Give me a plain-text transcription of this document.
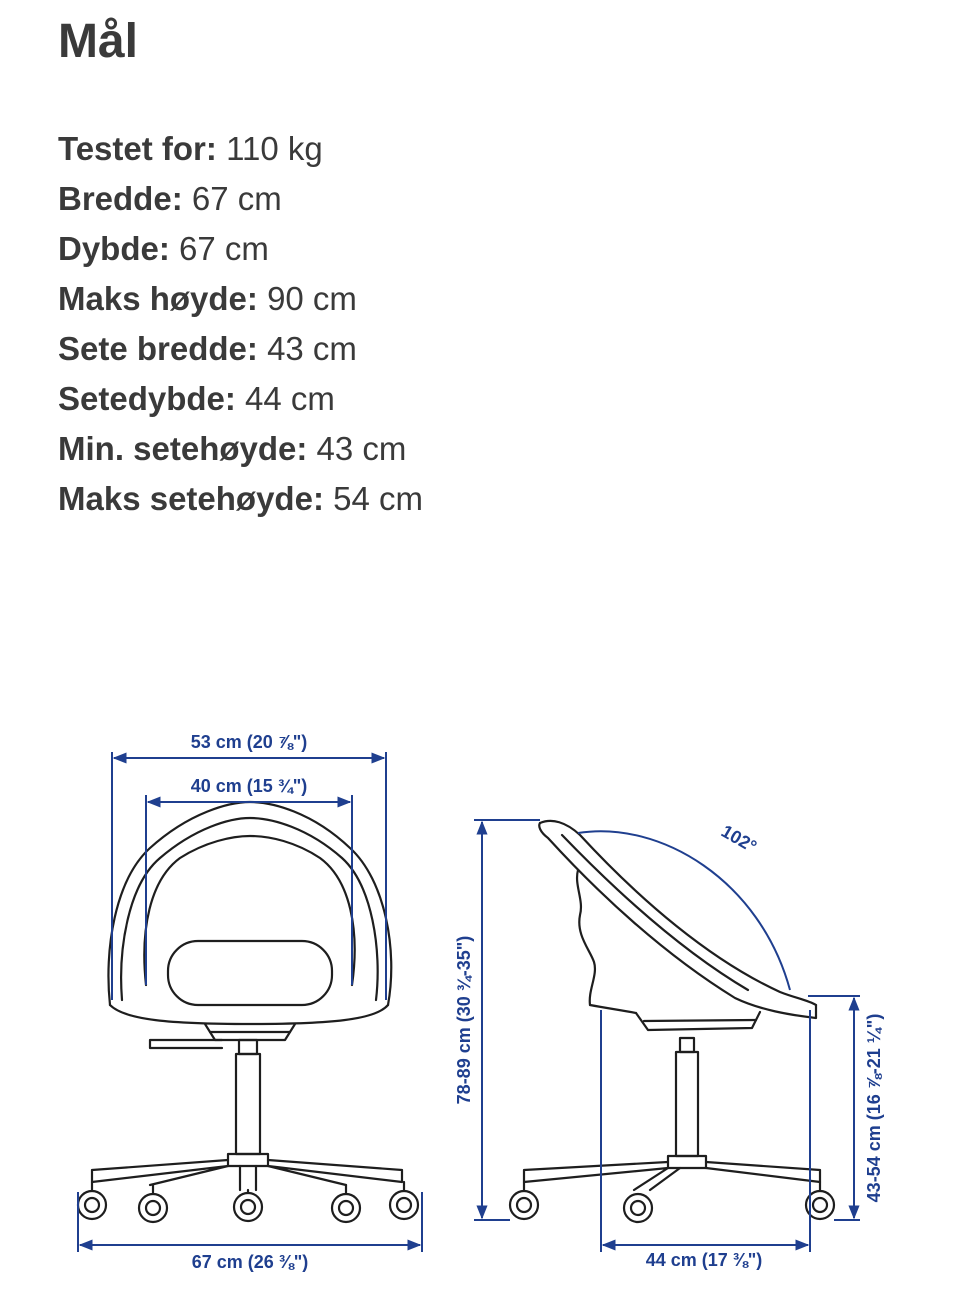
Mål
Testet for: 110 kg
Bredde: 67 cm
Dybde: 67 cm
Maks høyde: 90 cm
Sete bredde: 43 cm
Setedybde: 44 cm
Min. setehøyde: 43 cm
Maks setehøyde: 54 cm
53 cm (20 ⅞")
40 cm (15 ¾")
67 cm (26 ⅜")
102°
78-89 cm (30 ¾-35")	43-54 cm (16 ⅞-21 ¼")
44 cm (17 ⅜")
